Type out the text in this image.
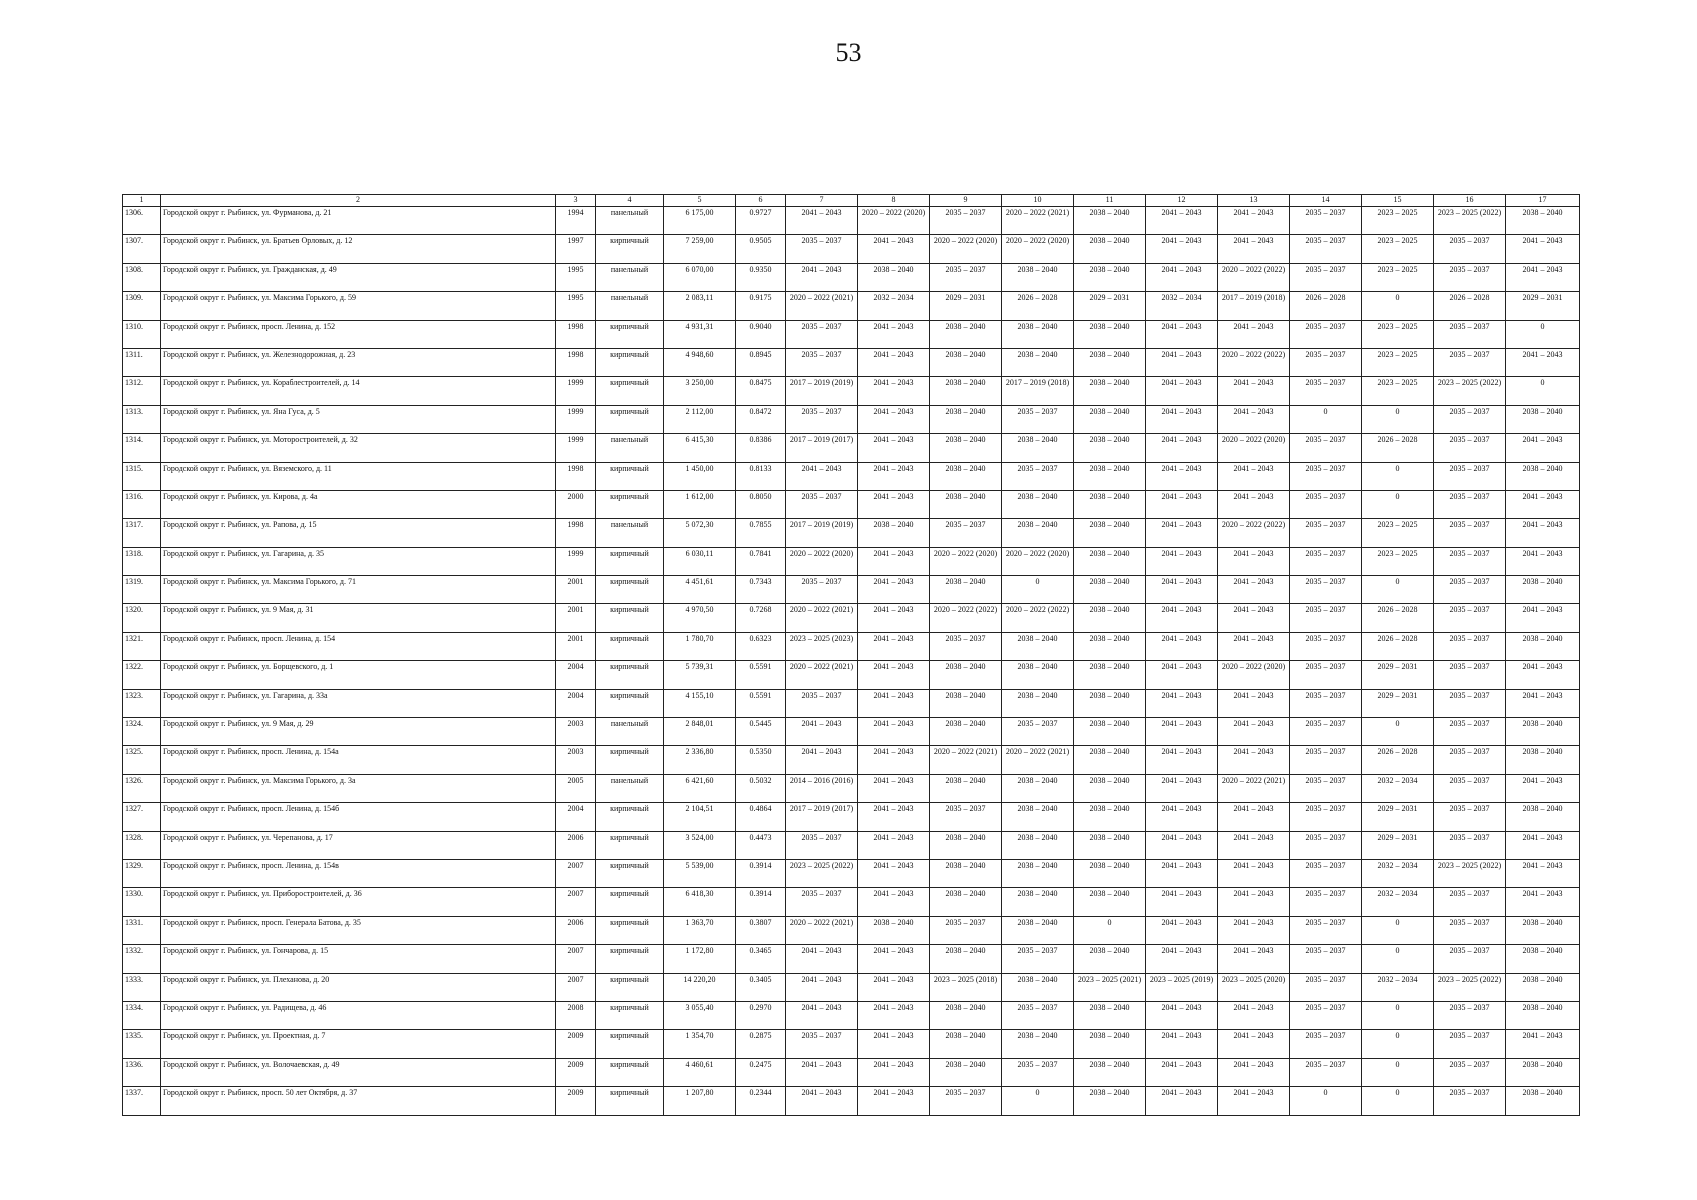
53
1	2	3	4	5	6	7	8	9	10	11	12	13	14	15	16	17
1306.	Городской округ г. Рыбинск, ул. Фурманова, д. 21	1994	панельный	6 175,00	0.9727	2041 – 2043	2020 – 2022 (2020)	2035 – 2037	2020 – 2022 (2021)	2038 – 2040	2041 – 2043	2041 – 2043	2035 – 2037	2023 – 2025	2023 – 2025 (2022)	2038 – 2040
1307.	Городской округ г. Рыбинск, ул. Братьев Орловых, д. 12	1997	кирпичный	7 259,00	0.9505	2035 – 2037	2041 – 2043	2020 – 2022 (2020)	2020 – 2022 (2020)	2038 – 2040	2041 – 2043	2041 – 2043	2035 – 2037	2023 – 2025	2035 – 2037	2041 – 2043
1308.	Городской округ г. Рыбинск, ул. Гражданская, д. 49	1995	панельный	6 070,00	0.9350	2041 – 2043	2038 – 2040	2035 – 2037	2038 – 2040	2038 – 2040	2041 – 2043	2020 – 2022 (2022)	2035 – 2037	2023 – 2025	2035 – 2037	2041 – 2043
1309.	Городской округ г. Рыбинск, ул. Максима Горького, д. 59	1995	панельный	2 083,11	0.9175	2020 – 2022 (2021)	2032 – 2034	2029 – 2031	2026 – 2028	2029 – 2031	2032 – 2034	2017 – 2019 (2018)	2026 – 2028	0	2026 – 2028	2029 – 2031
1310.	Городской округ г. Рыбинск, просп. Ленина, д. 152	1998	кирпичный	4 931,31	0.9040	2035 – 2037	2041 – 2043	2038 – 2040	2038 – 2040	2038 – 2040	2041 – 2043	2041 – 2043	2035 – 2037	2023 – 2025	2035 – 2037	0
1311.	Городской округ г. Рыбинск, ул. Железнодорожная, д. 23	1998	кирпичный	4 948,60	0.8945	2035 – 2037	2041 – 2043	2038 – 2040	2038 – 2040	2038 – 2040	2041 – 2043	2020 – 2022 (2022)	2035 – 2037	2023 – 2025	2035 – 2037	2041 – 2043
1312.	Городской округ г. Рыбинск, ул. Кораблестроителей, д. 14	1999	кирпичный	3 250,00	0.8475	2017 – 2019 (2019)	2041 – 2043	2038 – 2040	2017 – 2019 (2018)	2038 – 2040	2041 – 2043	2041 – 2043	2035 – 2037	2023 – 2025	2023 – 2025 (2022)	0
1313.	Городской округ г. Рыбинск, ул. Яна Гуса, д. 5	1999	кирпичный	2 112,00	0.8472	2035 – 2037	2041 – 2043	2038 – 2040	2035 – 2037	2038 – 2040	2041 – 2043	2041 – 2043	0	0	2035 – 2037	2038 – 2040
1314.	Городской округ г. Рыбинск, ул. Моторостроителей, д. 32	1999	панельный	6 415,30	0.8386	2017 – 2019 (2017)	2041 – 2043	2038 – 2040	2038 – 2040	2038 – 2040	2041 – 2043	2020 – 2022 (2020)	2035 – 2037	2026 – 2028	2035 – 2037	2041 – 2043
1315.	Городской округ г. Рыбинск, ул. Вяземского, д. 11	1998	кирпичный	1 450,00	0.8133	2041 – 2043	2041 – 2043	2038 – 2040	2035 – 2037	2038 – 2040	2041 – 2043	2041 – 2043	2035 – 2037	0	2035 – 2037	2038 – 2040
1316.	Городской округ г. Рыбинск, ул. Кирова, д. 4а	2000	кирпичный	1 612,00	0.8050	2035 – 2037	2041 – 2043	2038 – 2040	2038 – 2040	2038 – 2040	2041 – 2043	2041 – 2043	2035 – 2037	0	2035 – 2037	2041 – 2043
1317.	Городской округ г. Рыбинск, ул. Рапова, д. 15	1998	панельный	5 072,30	0.7855	2017 – 2019 (2019)	2038 – 2040	2035 – 2037	2038 – 2040	2038 – 2040	2041 – 2043	2020 – 2022 (2022)	2035 – 2037	2023 – 2025	2035 – 2037	2041 – 2043
1318.	Городской округ г. Рыбинск, ул. Гагарина, д. 35	1999	кирпичный	6 030,11	0.7841	2020 – 2022 (2020)	2041 – 2043	2020 – 2022 (2020)	2020 – 2022 (2020)	2038 – 2040	2041 – 2043	2041 – 2043	2035 – 2037	2023 – 2025	2035 – 2037	2041 – 2043
1319.	Городской округ г. Рыбинск, ул. Максима Горького, д. 71	2001	кирпичный	4 451,61	0.7343	2035 – 2037	2041 – 2043	2038 – 2040	0	2038 – 2040	2041 – 2043	2041 – 2043	2035 – 2037	0	2035 – 2037	2038 – 2040
1320.	Городской округ г. Рыбинск, ул. 9 Мая, д. 31	2001	кирпичный	4 970,50	0.7268	2020 – 2022 (2021)	2041 – 2043	2020 – 2022 (2022)	2020 – 2022 (2022)	2038 – 2040	2041 – 2043	2041 – 2043	2035 – 2037	2026 – 2028	2035 – 2037	2041 – 2043
1321.	Городской округ г. Рыбинск, просп. Ленина, д. 154	2001	кирпичный	1 780,70	0.6323	2023 – 2025 (2023)	2041 – 2043	2035 – 2037	2038 – 2040	2038 – 2040	2041 – 2043	2041 – 2043	2035 – 2037	2026 – 2028	2035 – 2037	2038 – 2040
1322.	Городской округ г. Рыбинск, ул. Борщевского, д. 1	2004	кирпичный	5 739,31	0.5591	2020 – 2022 (2021)	2041 – 2043	2038 – 2040	2038 – 2040	2038 – 2040	2041 – 2043	2020 – 2022 (2020)	2035 – 2037	2029 – 2031	2035 – 2037	2041 – 2043
1323.	Городской округ г. Рыбинск, ул. Гагарина, д. 33а	2004	кирпичный	4 155,10	0.5591	2035 – 2037	2041 – 2043	2038 – 2040	2038 – 2040	2038 – 2040	2041 – 2043	2041 – 2043	2035 – 2037	2029 – 2031	2035 – 2037	2041 – 2043
1324.	Городской округ г. Рыбинск, ул. 9 Мая, д. 29	2003	панельный	2 848,01	0.5445	2041 – 2043	2041 – 2043	2038 – 2040	2035 – 2037	2038 – 2040	2041 – 2043	2041 – 2043	2035 – 2037	0	2035 – 2037	2038 – 2040
1325.	Городской округ г. Рыбинск, просп. Ленина, д. 154а	2003	кирпичный	2 336,80	0.5350	2041 – 2043	2041 – 2043	2020 – 2022 (2021)	2020 – 2022 (2021)	2038 – 2040	2041 – 2043	2041 – 2043	2035 – 2037	2026 – 2028	2035 – 2037	2038 – 2040
1326.	Городской округ г. Рыбинск, ул. Максима Горького, д. 3а	2005	панельный	6 421,60	0.5032	2014 – 2016 (2016)	2041 – 2043	2038 – 2040	2038 – 2040	2038 – 2040	2041 – 2043	2020 – 2022 (2021)	2035 – 2037	2032 – 2034	2035 – 2037	2041 – 2043
1327.	Городской округ г. Рыбинск, просп. Ленина, д. 154б	2004	кирпичный	2 104,51	0.4864	2017 – 2019 (2017)	2041 – 2043	2035 – 2037	2038 – 2040	2038 – 2040	2041 – 2043	2041 – 2043	2035 – 2037	2029 – 2031	2035 – 2037	2038 – 2040
1328.	Городской округ г. Рыбинск, ул. Черепанова, д. 17	2006	кирпичный	3 524,00	0.4473	2035 – 2037	2041 – 2043	2038 – 2040	2038 – 2040	2038 – 2040	2041 – 2043	2041 – 2043	2035 – 2037	2029 – 2031	2035 – 2037	2041 – 2043
1329.	Городской округ г. Рыбинск, просп. Ленина, д. 154в	2007	кирпичный	5 539,00	0.3914	2023 – 2025 (2022)	2041 – 2043	2038 – 2040	2038 – 2040	2038 – 2040	2041 – 2043	2041 – 2043	2035 – 2037	2032 – 2034	2023 – 2025 (2022)	2041 – 2043
1330.	Городской округ г. Рыбинск, ул. Приборостроителей, д. 36	2007	кирпичный	6 418,30	0.3914	2035 – 2037	2041 – 2043	2038 – 2040	2038 – 2040	2038 – 2040	2041 – 2043	2041 – 2043	2035 – 2037	2032 – 2034	2035 – 2037	2041 – 2043
1331.	Городской округ г. Рыбинск, просп. Генерала Батова, д. 35	2006	кирпичный	1 363,70	0.3807	2020 – 2022 (2021)	2038 – 2040	2035 – 2037	2038 – 2040	0	2041 – 2043	2041 – 2043	2035 – 2037	0	2035 – 2037	2038 – 2040
1332.	Городской округ г. Рыбинск, ул. Гончарова, д. 15	2007	кирпичный	1 172,80	0.3465	2041 – 2043	2041 – 2043	2038 – 2040	2035 – 2037	2038 – 2040	2041 – 2043	2041 – 2043	2035 – 2037	0	2035 – 2037	2038 – 2040
1333.	Городской округ г. Рыбинск, ул. Плеханова, д. 20	2007	кирпичный	14 220,20	0.3405	2041 – 2043	2041 – 2043	2023 – 2025 (2018)	2038 – 2040	2023 – 2025 (2021)	2023 – 2025 (2019)	2023 – 2025 (2020)	2035 – 2037	2032 – 2034	2023 – 2025 (2022)	2038 – 2040
1334.	Городской округ г. Рыбинск, ул. Радищева, д. 46	2008	кирпичный	3 055,40	0.2970	2041 – 2043	2041 – 2043	2038 – 2040	2035 – 2037	2038 – 2040	2041 – 2043	2041 – 2043	2035 – 2037	0	2035 – 2037	2038 – 2040
1335.	Городской округ г. Рыбинск, ул. Проектная, д. 7	2009	кирпичный	1 354,70	0.2875	2035 – 2037	2041 – 2043	2038 – 2040	2038 – 2040	2038 – 2040	2041 – 2043	2041 – 2043	2035 – 2037	0	2035 – 2037	2041 – 2043
1336.	Городской округ г. Рыбинск, ул. Волочаевская, д. 49	2009	кирпичный	4 460,61	0.2475	2041 – 2043	2041 – 2043	2038 – 2040	2035 – 2037	2038 – 2040	2041 – 2043	2041 – 2043	2035 – 2037	0	2035 – 2037	2038 – 2040
1337.	Городской округ г. Рыбинск, просп. 50 лет Октября, д. 37	2009	кирпичный	1 207,80	0.2344	2041 – 2043	2041 – 2043	2035 – 2037	0	2038 – 2040	2041 – 2043	2041 – 2043	0	0	2035 – 2037	2038 – 2040
